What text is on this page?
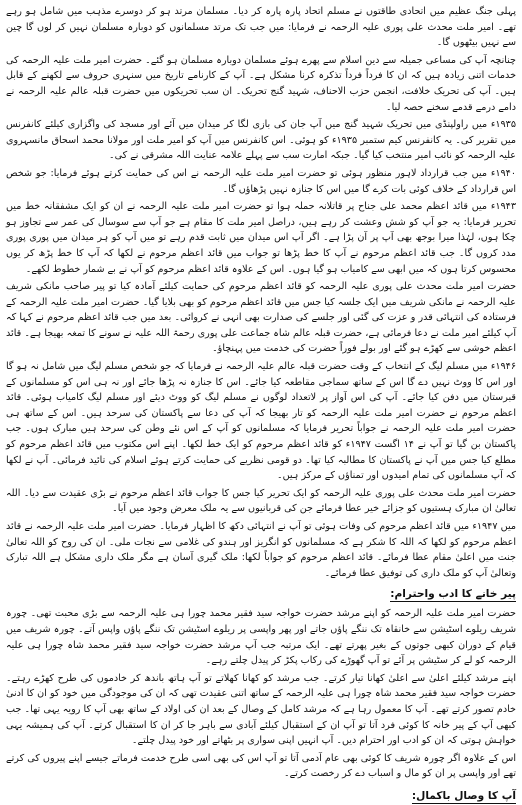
پہلی جنگ عظیم میں اتحادی طاقتوں نے مسلم اتحاد پارہ پارہ کر دیا۔ مسلمان مرتد ہو کر دوسرے مذہب میں شامل ہو رہے تھے۔ امیر ملت محدث علی پوری علیہ الرحمہ نے فرمایا: میں جب تک مرتد مسلمانوں کو دوبارہ مسلمان نہیں کر لوں گا چین سے نہیں بیٹھوں گا۔
چنانچہ آپ کی مساعی جمیلہ سے دین اسلام سے پھرے ہوئے مسلمان دوبارہ مسلمان ہو گئے۔ حضرت امیر ملت علیہ الرحمہ کی خدمات اتنی زیادہ ہیں کہ ان کا فرداً فرداً تذکرہ کرنا مشکل ہے۔ آپ کے کارنامے تاریخ میں سنہری حروف سے لکھنے کے قابل ہیں۔ آپ کی تحریک خلافت، انجمن حزب الاحناف، شہید گنج تحریک۔ ان سب تحریکوں میں حضرت قبلہ عالم علیہ الرحمہ نے دامے درمے قدمے سخنے حصہ لیا۔
۱۹۳۵ء میں راولپنڈی میں تحریک شہید گنج میں آپ جان کی بازی لگا کر میدان میں آئے اور مسجد کی واگزاری کیلئے کانفرنس میں تقریر کی۔ یہ کانفرنس کیم ستمبر ۱۹۳۵ء کو ہوئی۔ اس کانفرنس میں آپ کو امیر ملت اور مولانا محمد اسحاق مانسہروی علیہ الرحمہ کو نائب امیر منتخب کیا گیا۔ جبکہ امارت سب سے پہلے علامہ عنایت اللہ مشرقی نے کی۔
۱۹۴۰ء میں جب قرارداد لاہور منظور ہوئی تو حضرت امیر ملت علیہ الرحمہ نے اس کی حمایت کرتے ہوئے فرمایا: جو شخص اس قرارداد کے خلاف کوئی بات کرے گا میں اس کا جنازہ نہیں پڑھاؤں گا۔
۱۹۴۳ء میں قائد اعظم محمد علی جناح پر قاتلانہ حملہ ہوا تو حضرت امیر ملت علیہ الرحمہ نے ان کو ایک مشفقانہ خط میں تحریر فرمایا: یہ جو آپ کو شش وعشت کر رہے ہیں، دراصل امیر ملت کا مقام ہے جو آپ سے سوسال کی عمر سے تجاوز ہو چکا ہوں، لہٰذا میرا بوجھ بھی آپ پر آن پڑا ہے۔ اگر آپ اس میدان میں ثابت قدم رہے تو میں آپ کو ہر میدان میں پوری پوری مدد کروں گا۔ جب قائد اعظم مرحوم نے آپ کا خط پڑھا تو جواب میں قائد اعظم مرحوم نے لکھا کہ آپ کا خط پڑھ کر یوں محسوس کرتا ہوں کہ میں ابھی سے کامیاب ہو گیا ہوں۔ اس کے علاوہ قائد اعظم مرحوم کو آپ نے بے شمار خطوط لکھے۔
حضرت امیر ملت محدث علی پوری علیہ الرحمہ کو قائد اعظم مرحوم کی حمایت کیلئے آمادہ کیا تو پیر صاحب مانکی شریف علیہ الرحمہ نے مانکی شریف میں ایک جلسہ کیا جس میں قائد اعظم مرحوم کو بھی بلایا گیا۔ حضرت امیر ملت علیہ الرحمہ کے فرستادہ کی انتہائی قدر و عزت کی گئی اور جلسے کی صدارت بھی انہی نے کروائی۔ بعد میں جب قائد اعظم مرحوم نے کہا کہ آپ کیلئے امیر ملت نے دعا فرمائی ہے، حضرت قبلہ عالم شاہ جماعت علی پوری رحمۃ اللہ علیہ نے سونے کا تمغہ بھیجا ہے۔ قائد اعظم خوشی سے کھڑے ہو گئے اور بولے فوراً حضرت کی خدمت میں پہنچاؤ۔
۱۹۴۶ء میں مسلم لیگ کے انتخاب کے وقت حضرت قبلہ عالم علیہ الرحمہ نے فرمایا کہ جو شخص مسلم لیگ میں شامل نہ ہو گا اور اس کا ووٹ نہیں دے گا اس کے ساتھ سماجی مقاطعہ کیا جائے۔ اس کا جنازہ نہ پڑھا جائے اور نہ ہی اس کو مسلمانوں کے قبرستان میں دفن کیا جائے۔ آپ کی اس آواز پر لاتعداد لوگوں نے مسلم لیگ کو ووٹ دیئے اور مسلم لیگ کامیاب ہوئی۔ قائد اعظم مرحوم نے حضرت امیر ملت علیہ الرحمہ کو تار بھیجا کہ آپ کی دعا سے پاکستان کی سرحد ہیں۔ اس کے ساتھ ہی حضرت امیر ملت علیہ الرحمہ نے جواباً تحریر فرمایا کہ مسلمانوں کو آپ کے اس نئے وطن کی سرحد ہیں مبارک ہوں۔ جب پاکستان بن گیا تو آپ نے ۱۴ اگست ۱۹۴۷ء کو قائد اعظم مرحوم کو ایک خط لکھا۔ اپنے اس مکتوب میں قائد اعظم مرحوم کو مطلع کیا جس میں آپ نے پاکستان کا مطالبہ کیا تھا۔ دو قومی نظریے کی حمایت کرتے ہوئے اسلام کی تائید فرمائی۔ آپ نے لکھا کہ آپ مسلمانوں کی تمام امیدوں اور تمناؤں کے مرکز ہیں۔
حضرت امیر ملت محدث علی پوری علیہ الرحمہ کو ایک تحریر کیا جس کا جواب قائد اعظم مرحوم نے بڑی عقیدت سے دیا۔ اللہ تعالیٰ ان مبارک ہستیوں کو جزائے خیر عطا فرمائے جن کی قربانیوں سے یہ ملک معرض وجود میں آیا۔
میں ۱۹۴۷ء میں قائد اعظم مرحوم کی وفات ہوئی تو آپ نے انتہائی دکھ کا اظہار فرمایا۔ حضرت امیر ملت علیہ الرحمہ نے قائد اعظم مرحوم کو لکھا کہ اللہ کا شکر ہے کہ مسلمانوں کو انگریز اور ہندو کی غلامی سے نجات ملی۔ ان کی روح کو اللہ تعالیٰ جنت میں اعلیٰ مقام عطا فرمائے۔ قائد اعظم مرحوم کو جواباً لکھا: ملک گیری آسان ہے مگر ملک داری مشکل ہے اللہ تبارک وتعالیٰ آپ کو ملک داری کی توفیق عطا فرمائے۔
پیر خانے کا ادب واحترام:
حضرت امیر ملت علیہ الرحمہ کو اپنے مرشد حضرت خواجہ سید فقیر محمد چورا ہی علیہ الرحمہ سے بڑی محبت تھی۔ چورہ شریف ریلوے اسٹیشن سے خانقاہ تک ننگے پاؤں جاتے اور پھر واپسی پر ریلوے اسٹیشن تک ننگے پاؤں واپس آتے۔ چورہ شریف میں قیام کے دوران کبھی جوتوں کے بغیر پھرتے تھے۔ ایک مرتبہ جب آپ مرشد حضرت خواجہ سید فقیر محمد شاہ چورا ہی علیہ الرحمہ کو لے کر سٹیشن پر آئے تو آپ گھوڑے کی رکاب پکڑ کر پیدل چلتے رہے۔
اپنے مرشد کیلئے اعلیٰ سے اعلیٰ کھانا تیار کرتے۔ جب مرشد کو کھانا کھلاتے تو آپ ہاتھ باندھ کر خادموں کی طرح کھڑے رہتے۔ حضرت خواجہ سید فقیر محمد شاہ چورا ہی علیہ الرحمہ کے ساتھ اتنی عقیدت تھی کہ ان کی موجودگی میں خود کو ان کا ادنیٰ خادم تصور کرتے تھے۔ آپ کا معمول رہا ہے کہ مرشد کامل کے وصال کے بعد ان کی اولاد کے ساتھ بھی آپ کا رویہ یہی تھا۔ جب کبھی آپ کے پیر خانہ کا کوئی فرد آتا تو آپ ان کے استقبال کیلئے آبادی سے باہر جا کر ان کا استقبال کرتے۔ آپ کی ہمیشہ یہی خواہش ہوتی کہ ان کو ادب اور احترام دیں۔ آپ انہیں اپنی سواری پر بٹھاتے اور خود پیدل چلتے۔
اس کے علاوہ اگر چورہ شریف کا کوئی بھی عام آدمی آتا تو آپ اس کی بھی اسی طرح خدمت فرماتے جیسے اپنے پیروں کی کرتے تھے اور واپسی پر ان کو مال و اسباب دے کر رخصت کرتے۔
آپ کا وصال باکمال:
